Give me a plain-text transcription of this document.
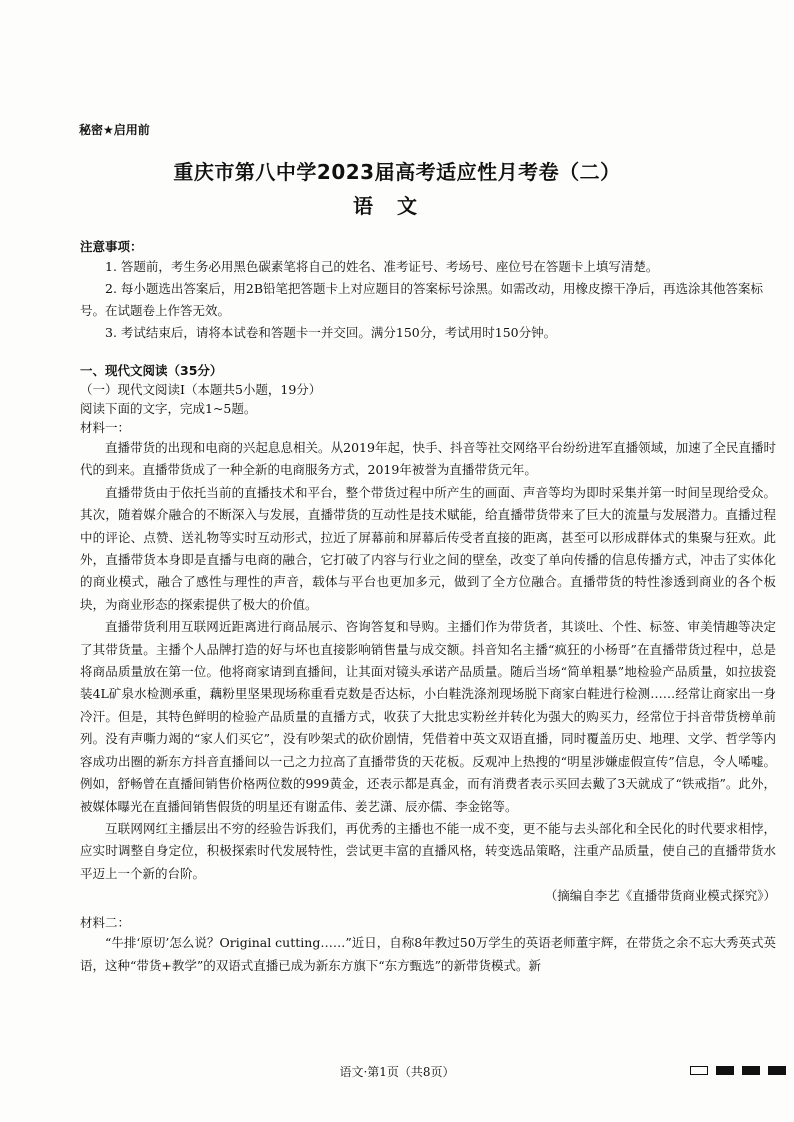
秘密★启用前
重庆市第八中学2023届高考适应性月考卷（二）
语文

注意事项：

1. 答题前，考生务必用黑色碳素笔将自己的姓名、准考证号、考场号、座位号在答题卡上填写清楚。

2. 每小题选出答案后，用2B铅笔把答题卡上对应题目的答案标号涂黑。如需改动，用橡皮擦干净后，再选涂其他答案标号。在试题卷上作答无效。

3. 考试结束后，请将本试卷和答题卡一并交回。满分150分，考试用时150分钟。

一、现代文阅读（35分）

（一）现代文阅读Ⅰ（本题共5小题，19分）

阅读下面的文字，完成1~5题。

材料一：

直播带货的出现和电商的兴起息息相关。从2019年起，快手、抖音等社交网络平台纷纷进军直播领域，加速了全民直播时代的到来。直播带货成了一种全新的电商服务方式，2019年被誉为直播带货元年。

直播带货由于依托当前的直播技术和平台，整个带货过程中所产生的画面、声音等均为即时采集并第一时间呈现给受众。其次，随着媒介融合的不断深入与发展，直播带货的互动性是技术赋能，给直播带货带来了巨大的流量与发展潜力。直播过程中的评论、点赞、送礼物等实时互动形式，拉近了屏幕前和屏幕后传受者直接的距离，甚至可以形成群体式的集聚与狂欢。此外，直播带货本身即是直播与电商的融合，它打破了内容与行业之间的壁垒，改变了单向传播的信息传播方式，冲击了实体化的商业模式，融合了感性与理性的声音，载体与平台也更加多元，做到了全方位融合。直播带货的特性渗透到商业的各个板块，为商业形态的探索提供了极大的价值。

直播带货利用互联网近距离进行商品展示、咨询答复和导购。主播们作为带货者，其谈吐、个性、标签、审美情趣等决定了其带货量。主播个人品牌打造的好与坏也直接影响销售量与成交额。抖音知名主播“疯狂的小杨哥”在直播带货过程中，总是将商品质量放在第一位。他将商家请到直播间，让其面对镜头承诺产品质量。随后当场“简单粗暴”地检验产品质量，如拉拔瓷装4L矿泉水检测承重，藕粉里坚果现场称重看克数是否达标，小白鞋洗涤剂现场脱下商家白鞋进行检测……经常让商家出一身冷汗。但是，其特色鲜明的检验产品质量的直播方式，收获了大批忠实粉丝并转化为强大的购买力，经常位于抖音带货榜单前列。没有声嘶力竭的“家人们买它”，没有吵架式的砍价剧情，凭借着中英文双语直播，同时覆盖历史、地理、文学、哲学等内容成功出圈的新东方抖音直播间以一己之力拉高了直播带货的天花板。反观冲上热搜的“明星涉嫌虚假宣传”信息，令人唏嘘。例如，舒畅曾在直播间销售价格两位数的999黄金，还表示都是真金，而有消费者表示买回去戴了3天就成了“铁戒指”。此外，被媒体曝光在直播间销售假货的明星还有谢孟伟、姜艺潇、辰亦儒、李金铭等。

互联网网红主播层出不穷的经验告诉我们，再优秀的主播也不能一成不变，更不能与去头部化和全民化的时代要求相悖，应实时调整自身定位，积极探索时代发展特性，尝试更丰富的直播风格，转变选品策略，注重产品质量，使自己的直播带货水平迈上一个新的台阶。

（摘编自李艺《直播带货商业模式探究》）

材料二：

“牛排‘原切’怎么说？Original cutting……”近日，自称8年教过50万学生的英语老师董宇辉，在带货之余不忘大秀英式英语，这种“带货+教学”的双语式直播已成为新东方旗下“东方甄选”的新带货模式。新

语文·第1页（共8页）
